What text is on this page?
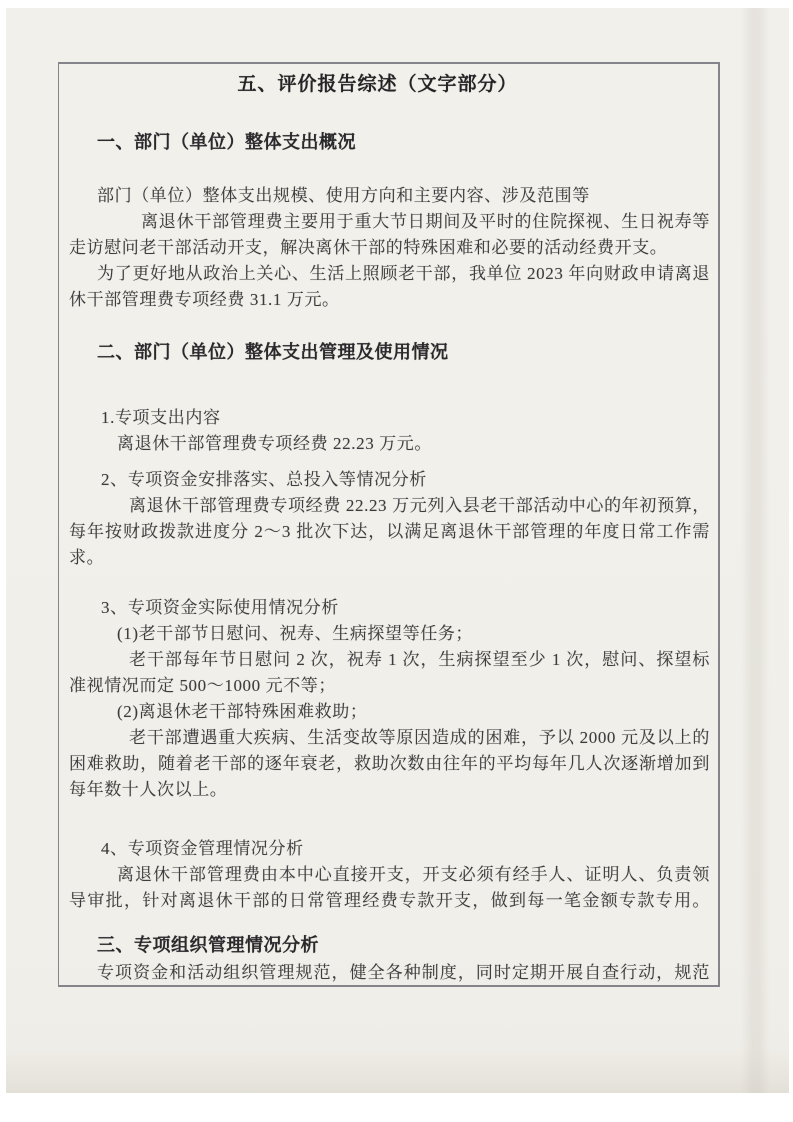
五、评价报告综述（文字部分）
一、部门（单位）整体支出概况
部门（单位）整体支出规模、使用方向和主要内容、涉及范围等
离退休干部管理费主要用于重大节日期间及平时的住院探视、生日祝寿等
走访慰问老干部活动开支，解决离休干部的特殊困难和必要的活动经费开支。
为了更好地从政治上关心、生活上照顾老干部，我单位 2023 年向财政申请离退
休干部管理费专项经费 31.1 万元。
二、部门（单位）整体支出管理及使用情况
1.专项支出内容
离退休干部管理费专项经费 22.23 万元。
2、专项资金安排落实、总投入等情况分析
离退休干部管理费专项经费 22.23 万元列入县老干部活动中心的年初预算，
每年按财政拨款进度分 2～3 批次下达，以满足离退休干部管理的年度日常工作需
求。
3、专项资金实际使用情况分析
(1)老干部节日慰问、祝寿、生病探望等任务；
老干部每年节日慰问 2 次，祝寿 1 次，生病探望至少 1 次，慰问、探望标
准视情况而定 500～1000 元不等；
(2)离退休老干部特殊困难救助；
老干部遭遇重大疾病、生活变故等原因造成的困难，予以 2000 元及以上的
困难救助，随着老干部的逐年衰老，救助次数由往年的平均每年几人次逐渐增加到
每年数十人次以上。
4、专项资金管理情况分析
离退休干部管理费由本中心直接开支，开支必须有经手人、证明人、负责领
导审批，针对离退休干部的日常管理经费专款开支，做到每一笔金额专款专用。
三、专项组织管理情况分析
专项资金和活动组织管理规范，健全各种制度，同时定期开展自查行动，规范
